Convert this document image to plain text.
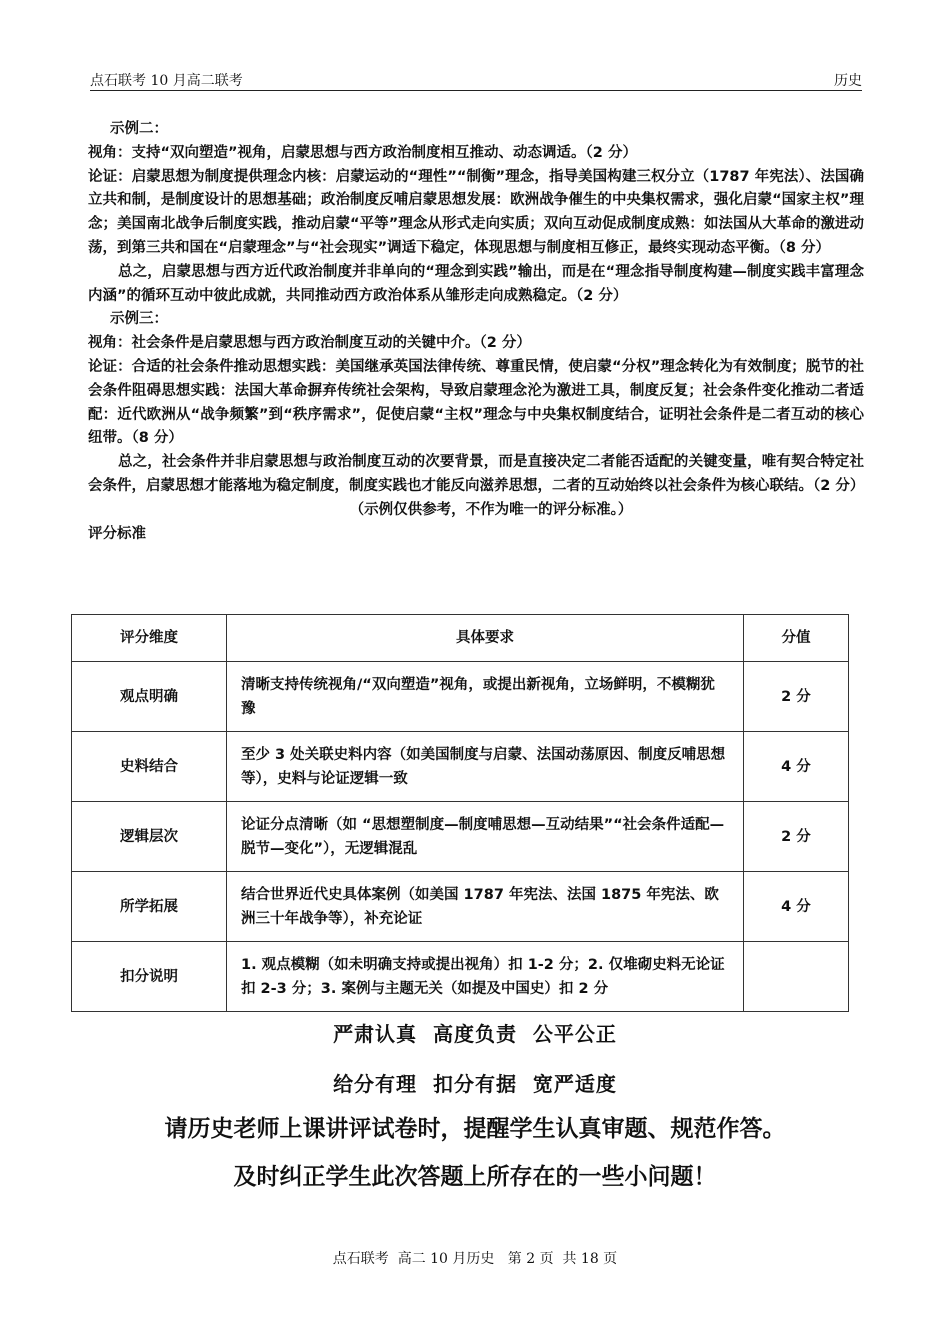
点石联考 10 月高二联考	历史

示例二：

视角：支持“双向塑造”视角，启蒙思想与西方政治制度相互推动、动态调适。（2 分）

论证：启蒙思想为制度提供理念内核：启蒙运动的“理性”“制衡”理念，指导美国构建三权分立（1787 年宪法）、法国确立共和制，是制度设计的思想基础；政治制度反哺启蒙思想发展：欧洲战争催生的中央集权需求，强化启蒙“国家主权”理念；美国南北战争后制度实践，推动启蒙“平等”理念从形式走向实质；双向互动促成制度成熟：如法国从大革命的激进动荡，到第三共和国在“启蒙理念”与“社会现实”调适下稳定，体现思想与制度相互修正，最终实现动态平衡。（8 分）

总之，启蒙思想与西方近代政治制度并非单向的“理念到实践”输出，而是在“理念指导制度构建—制度实践丰富理念内涵”的循环互动中彼此成就，共同推动西方政治体系从雏形走向成熟稳定。（2 分）

示例三：

视角：社会条件是启蒙思想与西方政治制度互动的关键中介。（2 分）

论证：合适的社会条件推动思想实践：美国继承英国法律传统、尊重民情，使启蒙“分权”理念转化为有效制度；脱节的社会条件阻碍思想实践：法国大革命摒弃传统社会架构，导致启蒙理念沦为激进工具，制度反复；社会条件变化推动二者适配：近代欧洲从“战争频繁”到“秩序需求”，促使启蒙“主权”理念与中央集权制度结合，证明社会条件是二者互动的核心纽带。（8 分）

总之，社会条件并非启蒙思想与政治制度互动的次要背景，而是直接决定二者能否适配的关键变量，唯有契合特定社会条件，启蒙思想才能落地为稳定制度，制度实践也才能反向滋养思想，二者的互动始终以社会条件为核心联结。（2 分）

（示例仅供参考，不作为唯一的评分标准。）

评分标准

评分维度	具体要求	分值
观点明确	清晰支持传统视角/“双向塑造”视角，或提出新视角，立场鲜明，不模糊犹豫	2 分
史料结合	至少 3 处关联史料内容（如美国制度与启蒙、法国动荡原因、制度反哺思想等），史料与论证逻辑一致	4 分
逻辑层次	论证分点清晰（如 “思想塑制度—制度哺思想—互动结果”“社会条件适配—脱节—变化”），无逻辑混乱	2 分
所学拓展	结合世界近代史具体案例（如美国 1787 年宪法、法国 1875 年宪法、欧洲三十年战争等），补充论证	4 分
扣分说明	1. 观点模糊（如未明确支持或提出视角）扣 1-2 分；2. 仅堆砌史料无论证扣 2-3 分；3. 案例与主题无关（如提及中国史）扣 2 分	
严肃认真  高度负责  公平公正
给分有理  扣分有据  宽严适度
请历史老师上课讲评试卷时，提醒学生认真审题、规范作答。
及时纠正学生此次答题上所存在的一些小问题！
点石联考  高二 10 月历史   第 2 页  共 18 页
